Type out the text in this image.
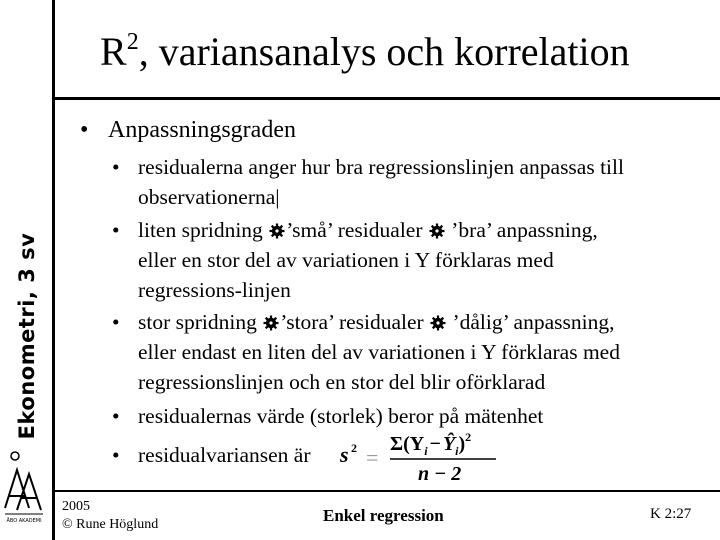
Ekonometri, 3 sv
ÅBO AKADEMI
$R^2$, variansanalys och korrelation
• Anpassningsgraden
• residualerna anger hur bra regressionslinjen anpassas till
observationerna|
• liten spridning ’små’ residualer ’bra’ anpassning,
eller en stor del av variationen i Y förklaras med
regressions-linjen
• stor spridning ’stora’ residualer ’dålig’ anpassning,
eller endast en liten del av variationen i Y förklaras med
regressionslinjen och en stor del blir oförklarad
• residualernas värde (storlek) beror på mätenhet
• residualvariansen är	s 2 =
$\Sigma(Y_i$ − $Ŷ_i)^2$
n − 2
2005
© Rune Höglund	Enkel regression	K 2:27
